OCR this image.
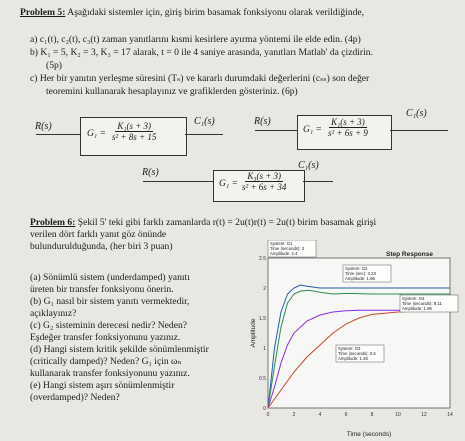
Problem 5: Aşağıdaki sistemler için, giriş birim basamak fonksiyonu olarak verildiğinde,
a) c₁(t), c₂(t), c₃(t) zaman yanıtlarını kısmi kesirlere ayırma yöntemi ile elde edin. (4p)
b) K₁ = 5, K₂ = 3, K₃ = 17 alarak, t = 0 ile 4 saniye arasında, yanıtları Matlab' da çizdirin.
(5p)
c) Her bir yanıtın yerleşme süresini (Tₛ) ve kararlı durumdaki değerlerini (cₛₛ) son değer
teoremini kullanarak hesaplayınız ve grafiklerden gösteriniz. (6p)
R(s)
$G_1 = \frac{\text{K₁(s + 3)}}{\text{s² + 8s + 15}}$	C₁(s)	R(s)
$G_1 = \frac{\text{K₁(s + 3)}}{\text{s² + 6s + 9}}$
C₁(s)
R(s)
$G_1 = \frac{\text{K₃(s + 3)}}{\text{s² + 6s + 34}}$
C₁(s)
Problem 6: Şekil 5' teki gibi farklı zamanlarda r(t) = 2u(t)r(t) = 2u(t) birim basamak girişi
verilen dört farklı yanıt göz önünde
bulundurulduğunda, (her biri 3 puan)
(a) Sönümlü sistem (underdamped) yanıtı
üreten bir transfer fonksiyonu önerin.
(b) G₁ nasıl bir sistem yanıtı vermektedir,
açıklayınız?
(c) G₂ sisteminin derecesi nedir? Neden?
Eşdeğer transfer fonksiyonunu yazınız.
(d) Hangi sistem kritik şekilde sönümlenmiştir
(critically damped)? Neden? G₁ için ωₙ
kullanarak transfer fonksiyonunu yazınız.
(e) Hangi sistem aşırı sönümlenmiştir
(overdamped)? Neden?
0	2	4	6	8	10	12	14
0
0.5
1
1.5
2
2.5
System: G1
Time (seconds): 2
Amplitude: 2.4
System: G2
Time (sec): 3.23
Amplitude: 1.96
System: G4
Time (seconds): 9.11
Amplitude: 1.96
System: G3
Time (seconds): 0.5
Amplitude: 1.26
Step Response
Time (seconds)
Amplitude
